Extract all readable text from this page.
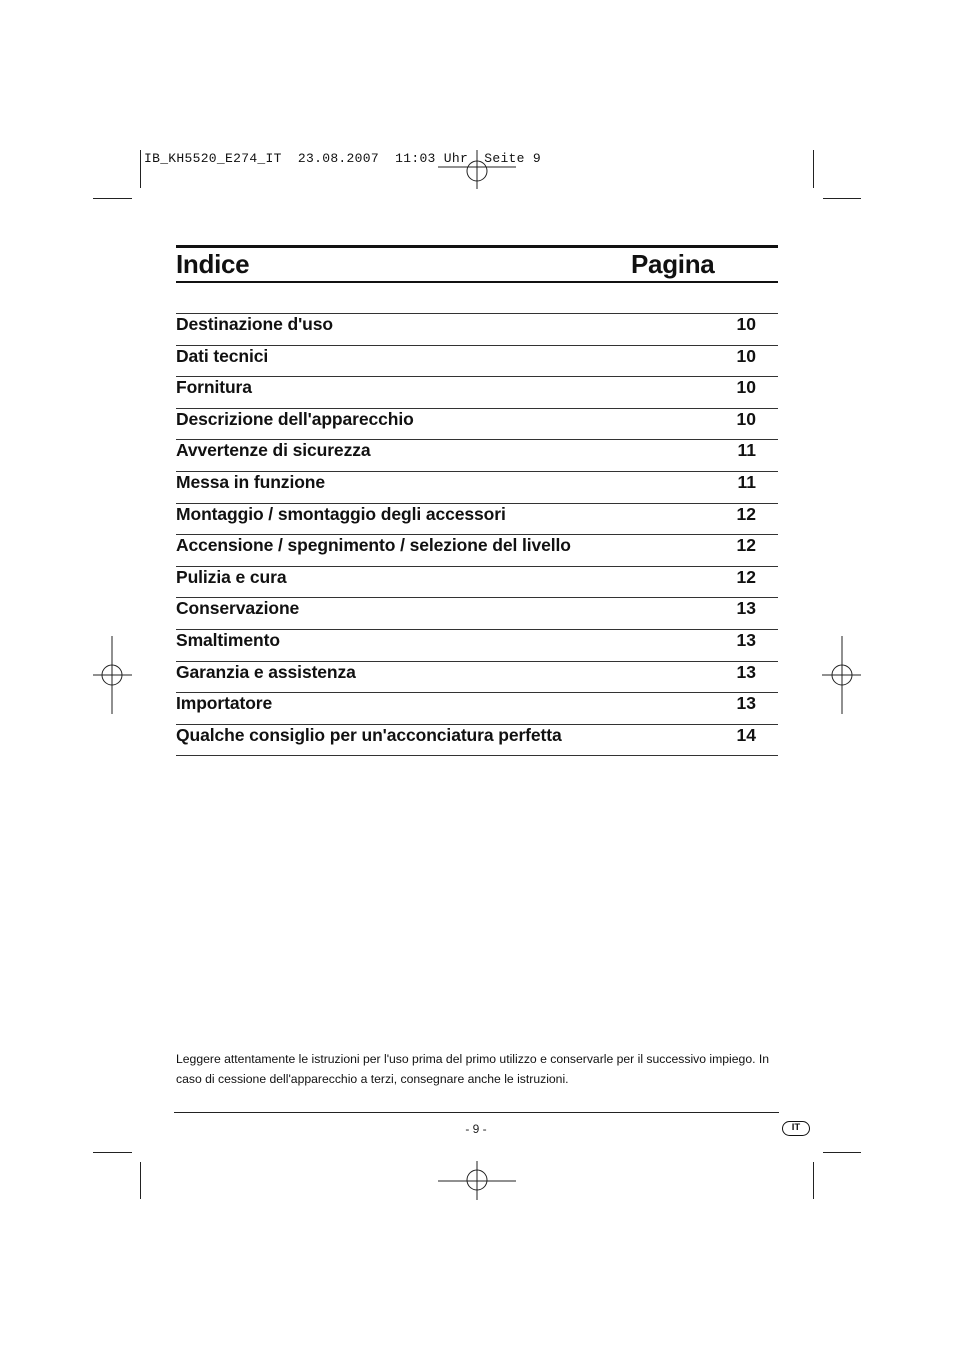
IB_KH5520_E274_IT  23.08.2007  11:03 Uhr  Seite 9
Indice	Pagina
Destinazione d'uso	10
Dati tecnici	10
Fornitura	10
Descrizione dell'apparecchio	10
Avvertenze di sicurezza	11
Messa in funzione	11
Montaggio / smontaggio degli accessori	12
Accensione / spegnimento / selezione del livello	12
Pulizia e cura	12
Conservazione	13
Smaltimento	13
Garanzia e assistenza	13
Importatore	13
Qualche consiglio per un'acconciatura perfetta	14
Leggere attentamente le istruzioni per l'uso prima del primo utilizzo e conservarle per il successivo impiego. In caso di cessione dell'apparecchio a terzi, consegnare anche le istruzioni.
- 9 -	IT
